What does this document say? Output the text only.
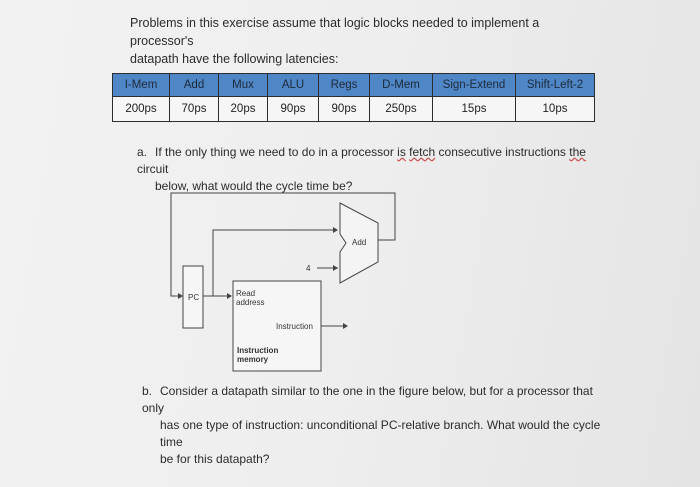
Problems in this exercise assume that logic blocks needed to implement a processor's
datapath have the following latencies:
I-Mem	Add	Mux	ALU	Regs	D-Mem	Sign-Extend	Shift-Left-2
200ps	70ps	20ps	90ps	90ps	250ps	15ps	10ps
a. If the only thing we need to do in a processor is fetch consecutive instructions the circuit
below, what would the cycle time be?
Add
4
PC	Read
address
Instruction
Instruction
memory
b. Consider a datapath similar to the one in the figure below, but for a processor that only
has one type of instruction: unconditional PC-relative branch. What would the cycle time
be for this datapath?
